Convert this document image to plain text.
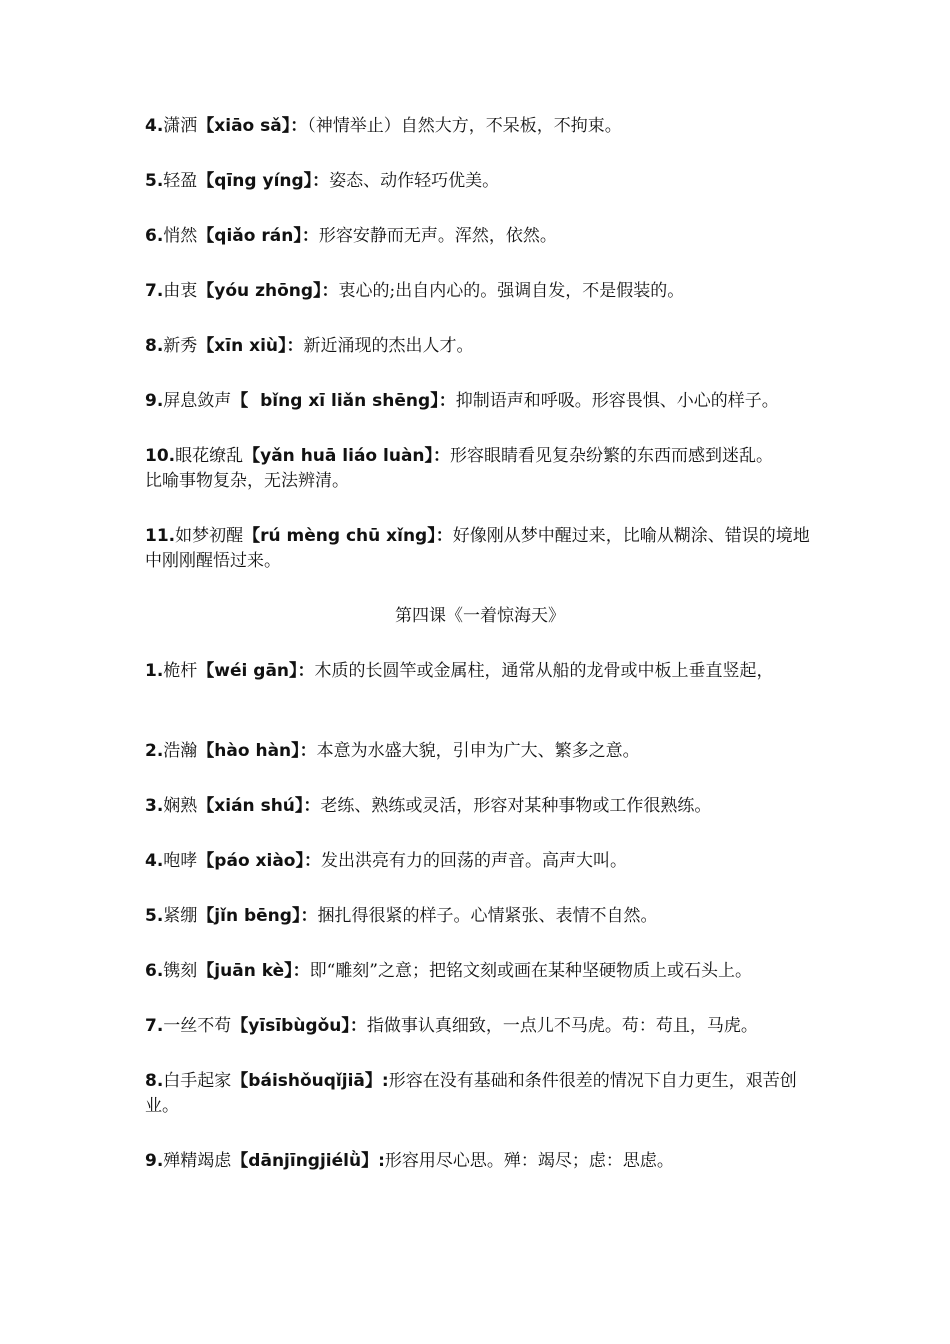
4.潇洒【xiāo sǎ】：（神情举止）自然大方，不呆板，不拘束。

5.轻盈【qīng yíng】：姿态、动作轻巧优美。

6.悄然【qiǎo rán】：形容安静而无声。浑然，依然。

7.由衷【yóu zhōng】：衷心的;出自内心的。强调自发，不是假装的。

8.新秀【xīn xiù】：新近涌现的杰出人才。

9.屏息敛声【  bǐng xī liǎn shēng】：抑制语声和呼吸。形容畏惧、小心的样子。

10.眼花缭乱【yǎn huā liáo luàn】：形容眼睛看见复杂纷繁的东西而感到迷乱。
比喻事物复杂，无法辨清。

11.如梦初醒【rú mèng chū xǐng】：好像刚从梦中醒过来，比喻从糊涂、错误的境地中刚刚醒悟过来。

第四课《一着惊海天》

1.桅杆【wéi gān】：木质的长圆竿或金属柱，通常从船的龙骨或中板上垂直竖起，

2.浩瀚【hào hàn】：本意为水盛大貌，引申为广大、繁多之意。

3.娴熟【xián shú】：老练、熟练或灵活，形容对某种事物或工作很熟练。

4.咆哮【páo xiào】：发出洪亮有力的回荡的声音。高声大叫。

5.紧绷【jǐn bēng】：捆扎得很紧的样子。心情紧张、表情不自然。

6.镌刻【juān kè】：即“雕刻”之意；把铭文刻或画在某种坚硬物质上或石头上。

7.一丝不苟【yīsībùgǒu】：指做事认真细致，一点儿不马虎。苟：苟且，马虎。

8.白手起家【báishǒuqǐjiā】:形容在没有基础和条件很差的情况下自力更生，艰苦创业。

9.殚精竭虑【dānjīngjiélǜ】:形容用尽心思。殚：竭尽；虑：思虑。
